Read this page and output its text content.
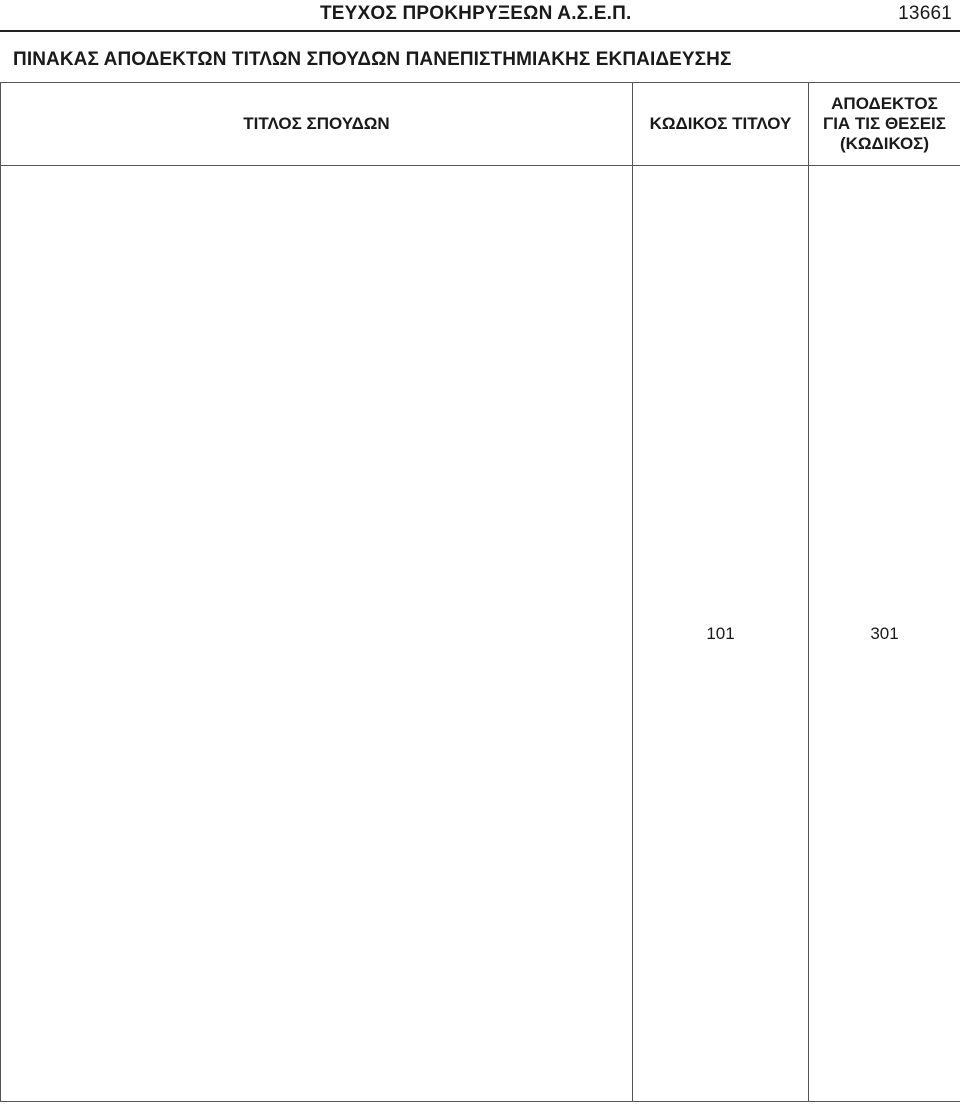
ΤΕΥΧΟΣ ΠΡΟΚΗΡΥΞΕΩΝ Α.Σ.Ε.Π.	13661
ΠΙΝΑΚΑΣ ΑΠΟΔΕΚΤΩΝ ΤΙΤΛΩΝ ΣΠΟΥΔΩΝ ΠΑΝΕΠΙΣΤΗΜΙΑΚΗΣ ΕΚΠΑΙΔΕΥΣΗΣ
ΤΙΤΛΟΣ ΣΠΟΥΔΩΝ	ΚΩΔΙΚΟΣ ΤΙΤΛΟΥ	ΑΠΟΔΕΚΤΟΣ
ΓΙΑ ΤΙΣ ΘΕΣΕΙΣ
(ΚΩΔΙΚΟΣ)

	101	301
